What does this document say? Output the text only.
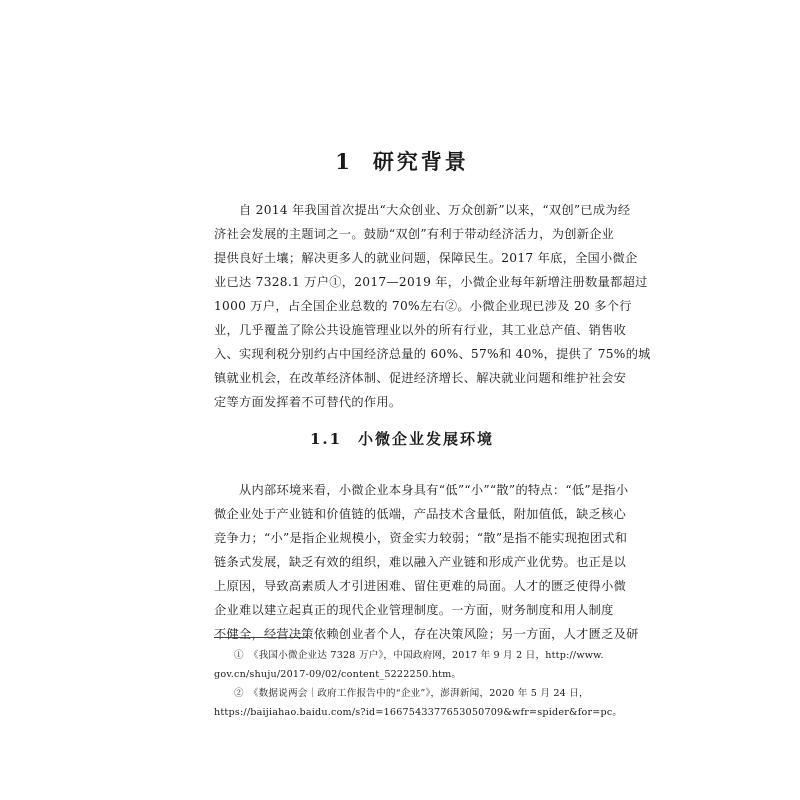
1 研究背景
自 2014 年我国首次提出“大众创业、万众创新”以来，“双创”已成为经
济社会发展的主题词之一。鼓励“双创”有利于带动经济活力，为创新企业
提供良好土壤；解决更多人的就业问题，保障民生。2017 年底，全国小微企
业已达 7328.1 万户①，2017—2019 年，小微企业每年新增注册数量都超过
1000 万户，占全国企业总数的 70%左右②。小微企业现已涉及 20 多个行
业，几乎覆盖了除公共设施管理业以外的所有行业，其工业总产值、销售收
入、实现利税分别约占中国经济总量的 60%、57%和 40%，提供了 75%的城
镇就业机会，在改革经济体制、促进经济增长、解决就业问题和维护社会安
定等方面发挥着不可替代的作用。
1.1 小微企业发展环境
从内部环境来看，小微企业本身具有“低”“小”“散”的特点：“低”是指小
微企业处于产业链和价值链的低端，产品技术含量低，附加值低，缺乏核心
竞争力；“小”是指企业规模小，资金实力较弱；“散”是指不能实现抱团式和
链条式发展，缺乏有效的组织，难以融入产业链和形成产业优势。也正是以
上原因，导致高素质人才引进困难、留住更难的局面。人才的匮乏使得小微
企业难以建立起真正的现代企业管理制度。一方面，财务制度和用人制度
不健全，经营决策依赖创业者个人，存在决策风险；另一方面，人才匮乏及研
①　《我国小微企业达 7328 万户》，中国政府网，2017 年 9 月 2 日，http://www.
gov.cn/shuju/2017-09/02/content_5222250.htm。
②　《数据说两会｜政府工作报告中的“企业”》，澎湃新闻，2020 年 5 月 24 日，
https://baijiahao.baidu.com/s?id=1667543377653050709&wfr=spider&for=pc。
